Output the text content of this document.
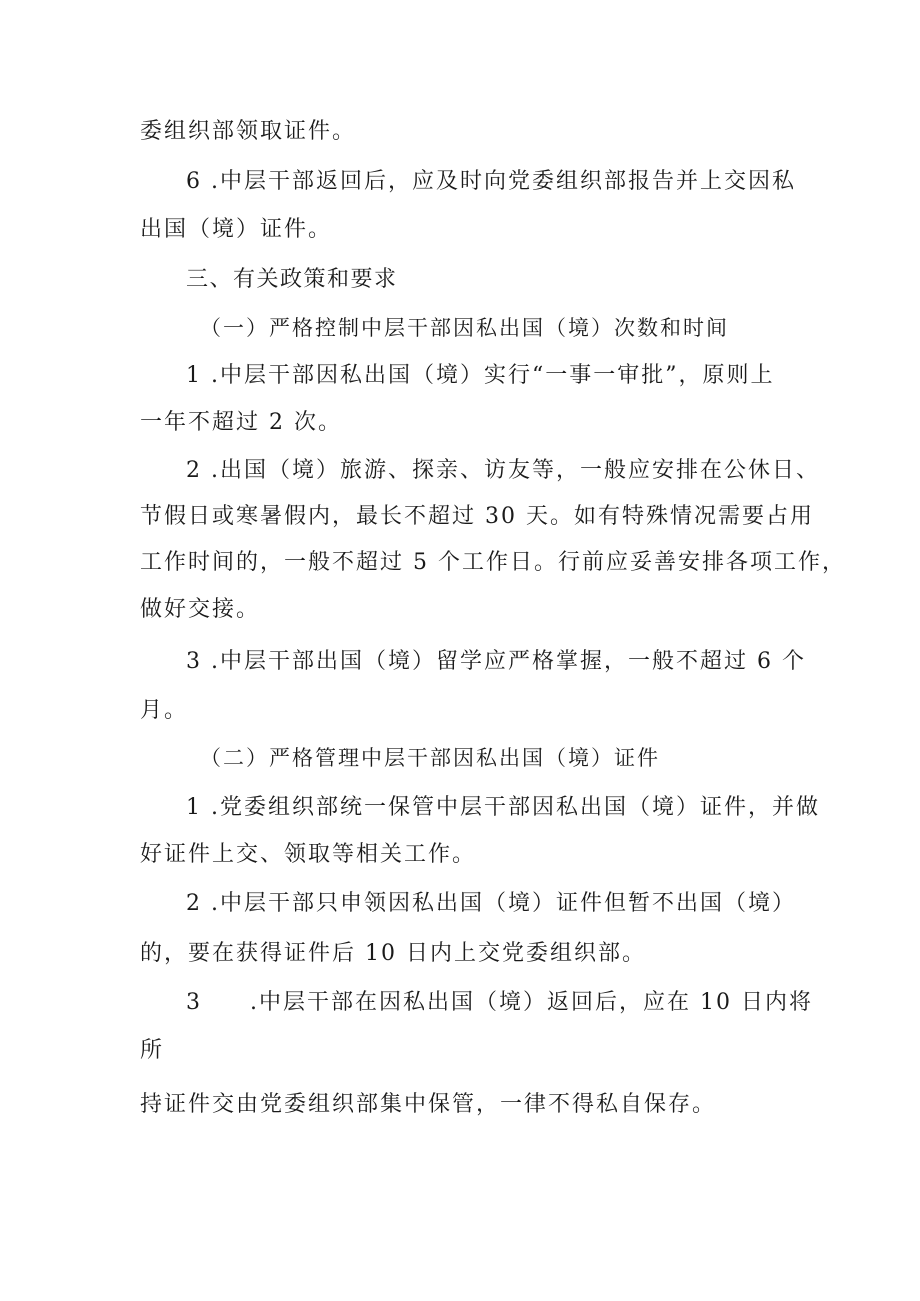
委组织部领取证件。
6 .中层干部返回后，应及时向党委组织部报告并上交因私
出国（境）证件。
三、有关政策和要求
（一）严格控制中层干部因私出国（境）次数和时间
1 .中层干部因私出国（境）实行“一事一审批”，原则上
一年不超过 2 次。
2 .出国（境）旅游、探亲、访友等，一般应安排在公休日、
节假日或寒暑假内，最长不超过 30 天。如有特殊情况需要占用
工作时间的，一般不超过 5 个工作日。行前应妥善安排各项工作，
做好交接。
3 .中层干部出国（境）留学应严格掌握，一般不超过 6 个
月。
（二）严格管理中层干部因私出国（境）证件
1 .党委组织部统一保管中层干部因私出国（境）证件，并做
好证件上交、领取等相关工作。
2 .中层干部只申领因私出国（境）证件但暂不出国（境）
的，要在获得证件后 10 日内上交党委组织部。
3　　.中层干部在因私出国（境）返回后，应在 10 日内将
所
持证件交由党委组织部集中保管，一律不得私自保存。
